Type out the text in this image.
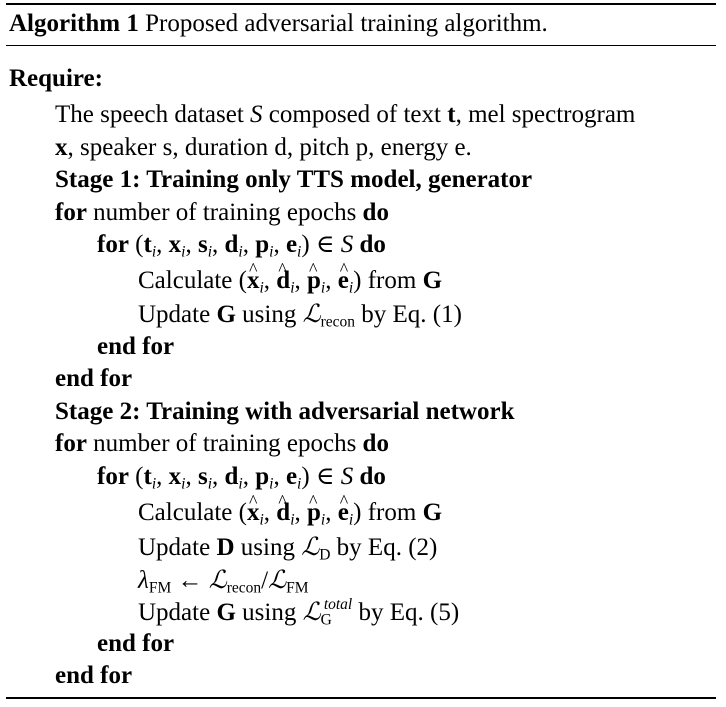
Algorithm 1 Proposed adversarial training algorithm.
Require:
The speech dataset S composed of text t, mel spectrogram
x, speaker s, duration d, pitch p, energy e.
Stage 1: Training only TTS model, generator
for number of training epochs do
for ($t_i$, $x_i$, $s_i$, $d_i$, $p_i$, $e_i$) ∈ S do
Calculate (^ $x_i$, ^ $d_i$, ^ $p_i$, ^ $e_i$) from G
Update G using ℒ$_{recon}$ by Eq. (1)
end for
end for
Stage 2: Training with adversarial network
for number of training epochs do
for ($t_i$, $x_i$, $s_i$, $d_i$, $p_i$, $e_i$) ∈ S do
Calculate (^ $x_i$, ^ $d_i$, ^ $p_i$, ^ $e_i$) from G
Update D using ℒ$_D$ by Eq. (2)
$\lambda_{FM}$ ← ℒ$_{recon}$/ℒ$_{FM}$
Update G using ℒ$_G^{total}$ by Eq. (5)
end for
end for
